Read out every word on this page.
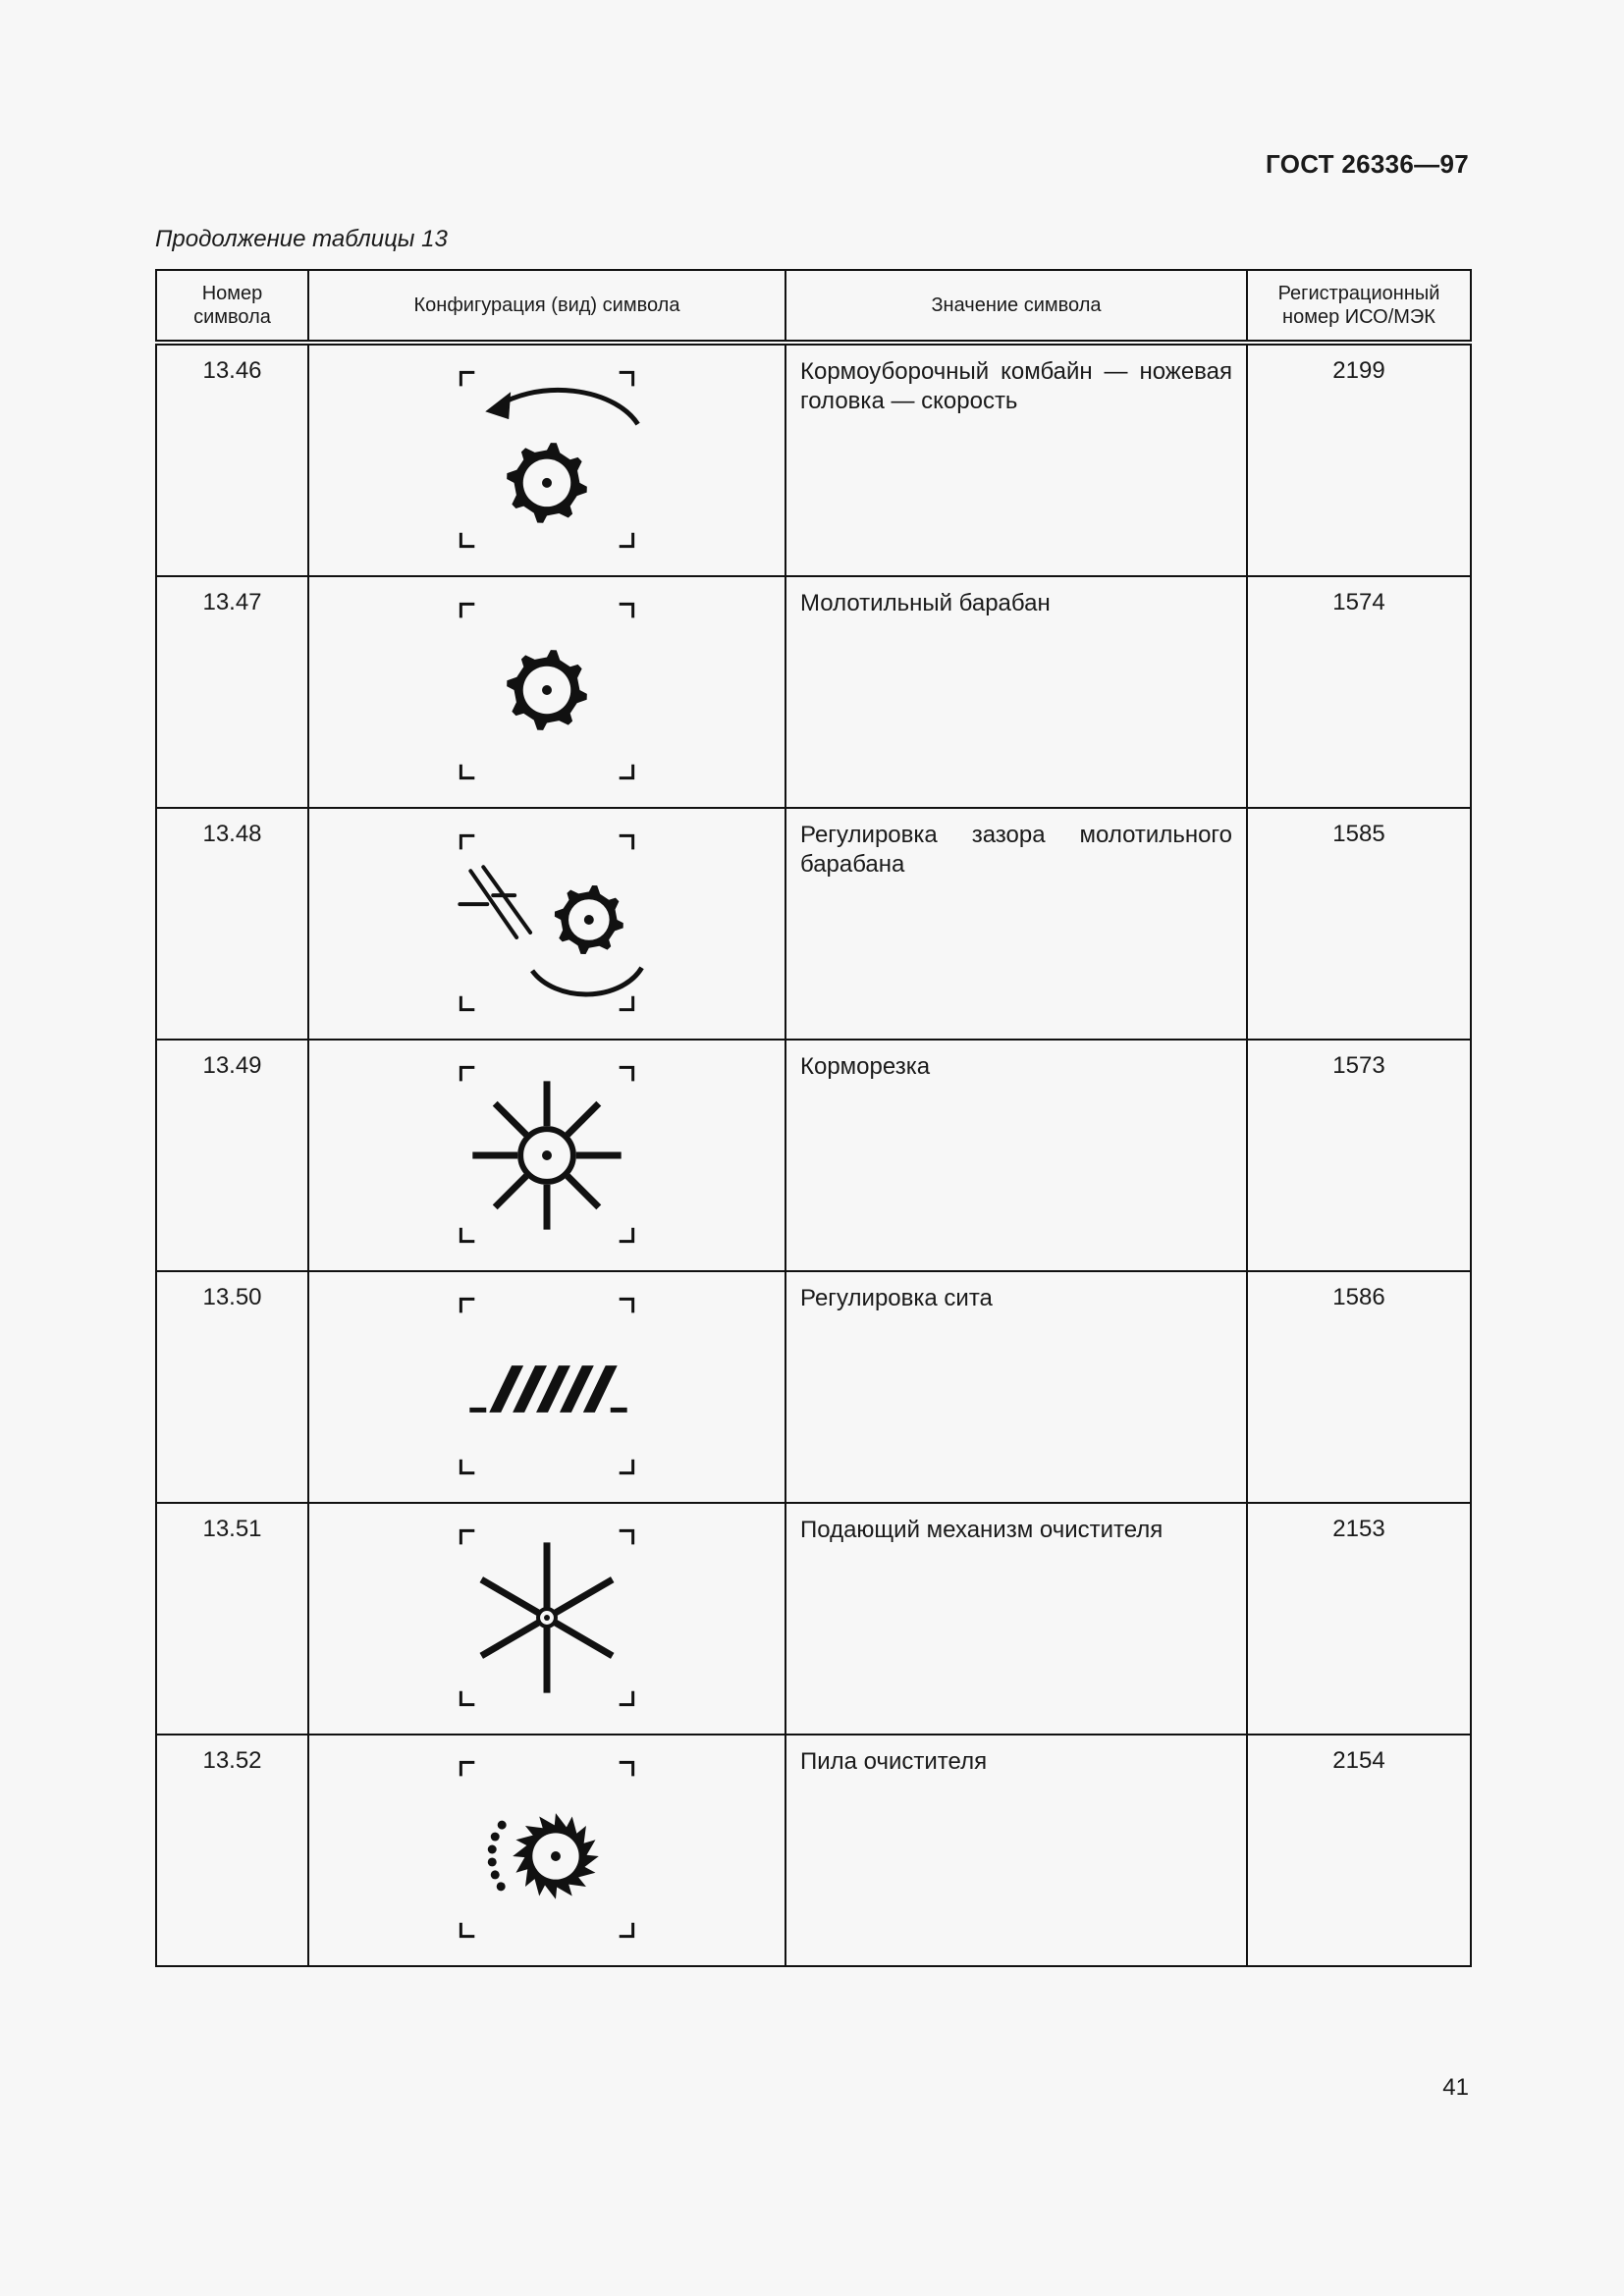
ГОСТ 26336—97
Продолжение таблицы 13
Номер символа	Конфигурация (вид) символа	Значение символа	Регистрационный номер ИСО/МЭК
13.46		Кормоуборочный комбайн — ножевая головка — скорость	2199
13.47		Молотильный барабан	1574
13.48		Регулировка зазора молотильного барабана	1585
13.49		Корморезка	1573
13.50		Регулировка сита	1586
13.51		Подающий механизм очистителя	2153
13.52		Пила очистителя	2154
41
